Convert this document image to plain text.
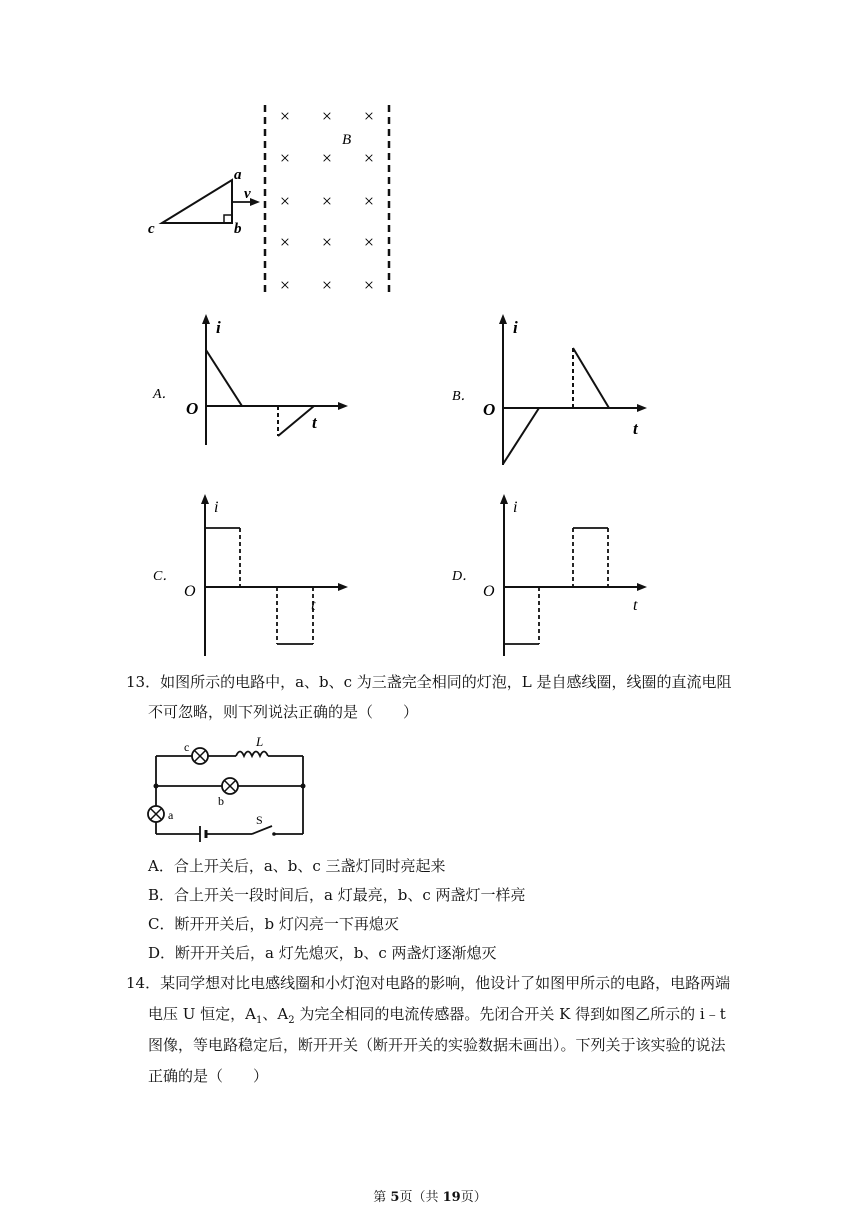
× × ×
× × ×
× × ×
× × ×
× × ×
B
v
a
b
c
A．
i
t
O
B．
i
t
O
C．
i
t
O
D．
i
t
O
13．如图所示的电路中，a、b、c 为三盏完全相同的灯泡，L 是自感线圈，线圈的直流电阻
不可忽略，则下列说法正确的是（　　）
L
c
b
a	S
A．合上开关后，a、b、c 三盏灯同时亮起来
B．合上开关一段时间后，a 灯最亮，b、c 两盏灯一样亮
C．断开开关后，b 灯闪亮一下再熄灭
D．断开开关后，a 灯先熄灭，b、c 两盏灯逐渐熄灭
14．某同学想对比电感线圈和小灯泡对电路的影响，他设计了如图甲所示的电路，电路两端
电压 U 恒定，$A_1$、$A_2$ 为完全相同的电流传感器。先闭合开关 K 得到如图乙所示的 i﹣t
图像，等电路稳定后，断开开关（断开开关的实验数据未画出）。下列关于该实验的说法
正确的是（　　）
第 5页（共 19页）
